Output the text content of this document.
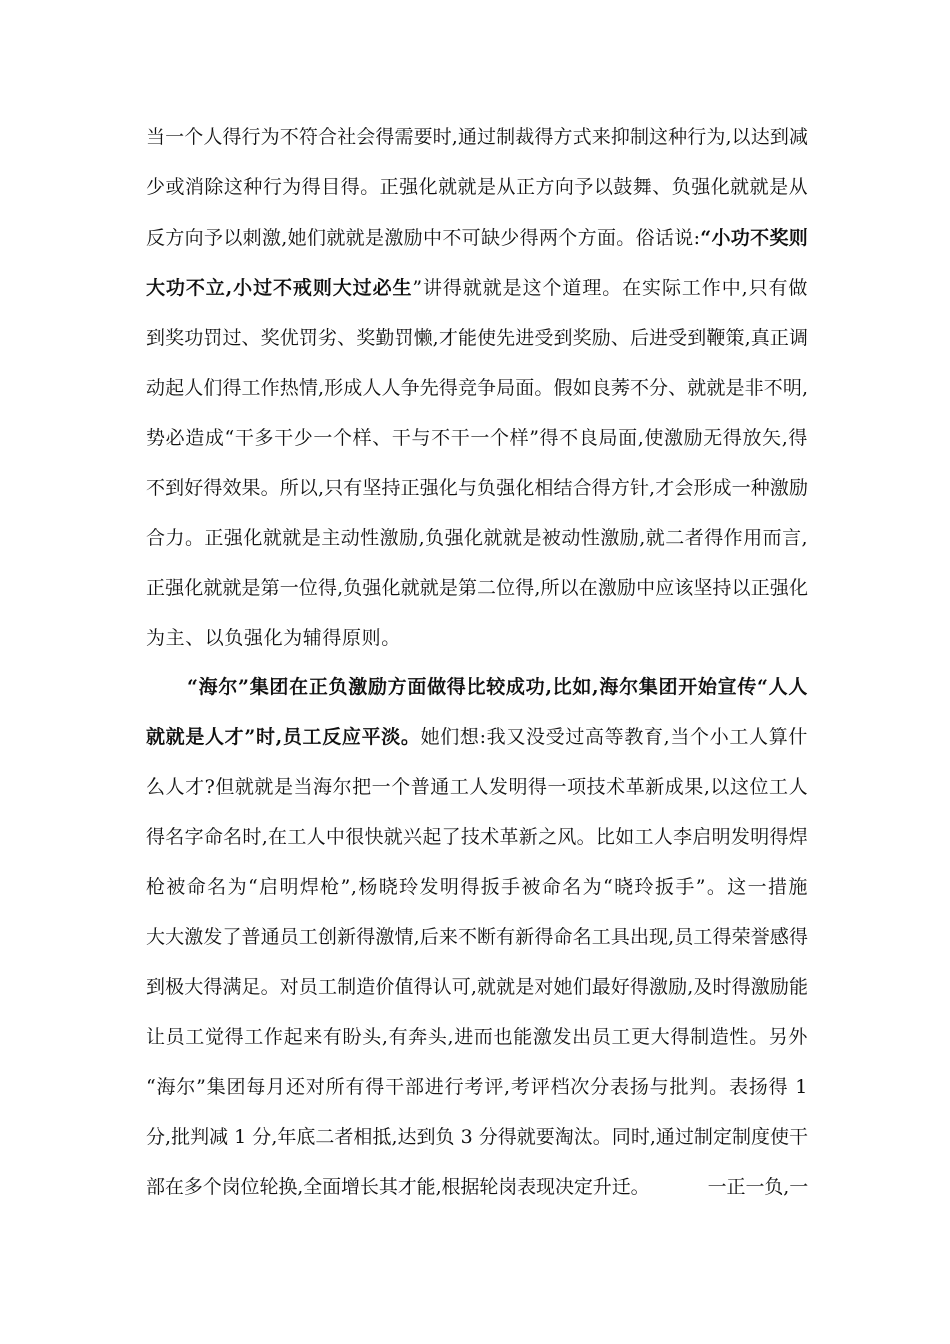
当一个人得行为不符合社会得需要时,通过制裁得方式来抑制这种行为,以达到减
少或消除这种行为得目得。正强化就就是从正方向予以鼓舞、负强化就就是从
反方向予以刺激,她们就就是激励中不可缺少得两个方面。俗话说:“小功不奖则
大功不立,小过不戒则大过必生”讲得就就是这个道理。在实际工作中,只有做
到奖功罚过、奖优罚劣、奖勤罚懒,才能使先进受到奖励、后进受到鞭策,真正调
动起人们得工作热情,形成人人争先得竞争局面。假如良莠不分、就就是非不明,
势必造成“干多干少一个样、干与不干一个样”得不良局面,使激励无得放矢,得
不到好得效果。所以,只有坚持正强化与负强化相结合得方针,才会形成一种激励
合力。正强化就就是主动性激励,负强化就就是被动性激励,就二者得作用而言,
正强化就就是第一位得,负强化就就是第二位得,所以在激励中应该坚持以正强化
为主、以负强化为辅得原则。
“海尔”集团在正负激励方面做得比较成功,比如,海尔集团开始宣传“人人
就就是人才”时,员工反应平淡。她们想:我又没受过高等教育,当个小工人算什
么人才?但就就是当海尔把一个普通工人发明得一项技术革新成果,以这位工人
得名字命名时,在工人中很快就兴起了技术革新之风。比如工人李启明发明得焊
枪被命名为“启明焊枪”,杨晓玲发明得扳手被命名为“晓玲扳手”。这一措施
大大激发了普通员工创新得激情,后来不断有新得命名工具出现,员工得荣誉感得
到极大得满足。对员工制造价值得认可,就就是对她们最好得激励,及时得激励能
让员工觉得工作起来有盼头,有奔头,进而也能激发出员工更大得制造性。另外
“海尔”集团每月还对所有得干部进行考评,考评档次分表扬与批判。表扬得 1
分,批判减 1 分,年底二者相抵,达到负 3 分得就要淘汰。同时,通过制定制度使干
部在多个岗位轮换,全面增长其才能,根据轮岗表现决定升迁。	一正一负,一
